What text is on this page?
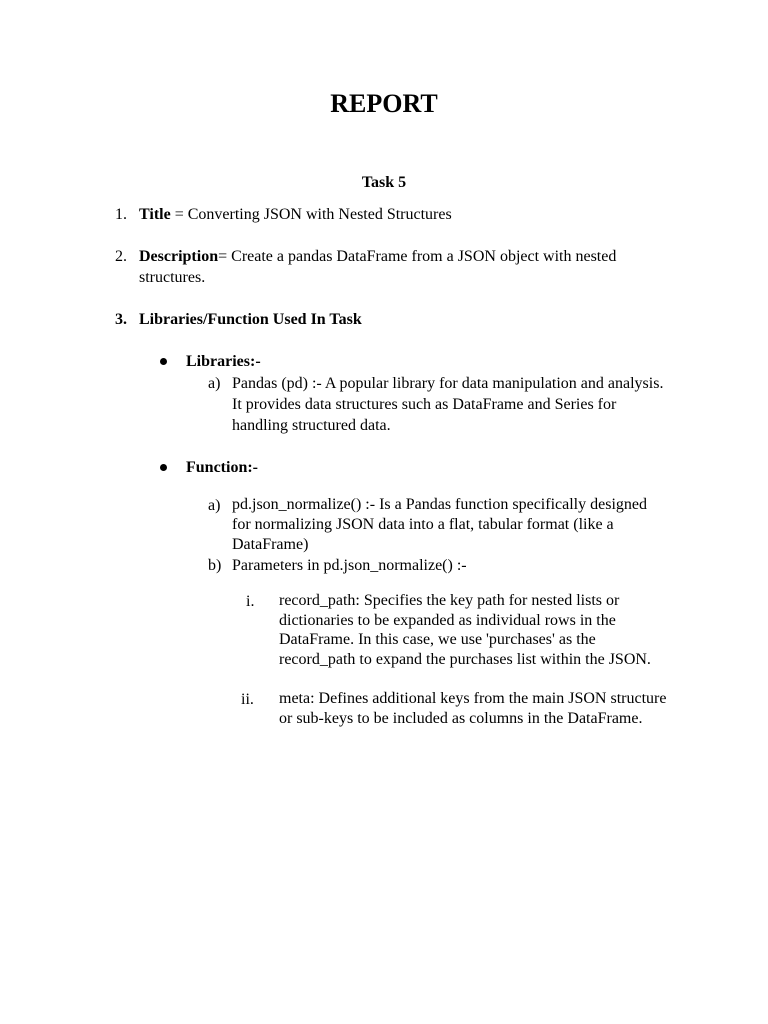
REPORT
Task 5
1. Title = Converting JSON with Nested Structures
2. Description= Create a pandas DataFrame from a JSON object with nested structures.
3. Libraries/Function Used In Task
Libraries:-
a) Pandas (pd) :- A popular library for data manipulation and analysis. It provides data structures such as DataFrame and Series for handling structured data.
Function:-
a) pd.json_normalize() :- Is a Pandas function specifically designed for normalizing JSON data into a flat, tabular format (like a DataFrame)
b) Parameters in pd.json_normalize() :-
i. record_path: Specifies the key path for nested lists or dictionaries to be expanded as individual rows in the DataFrame. In this case, we use 'purchases' as the record_path to expand the purchases list within the JSON.
ii. meta: Defines additional keys from the main JSON structure or sub-keys to be included as columns in the DataFrame.
